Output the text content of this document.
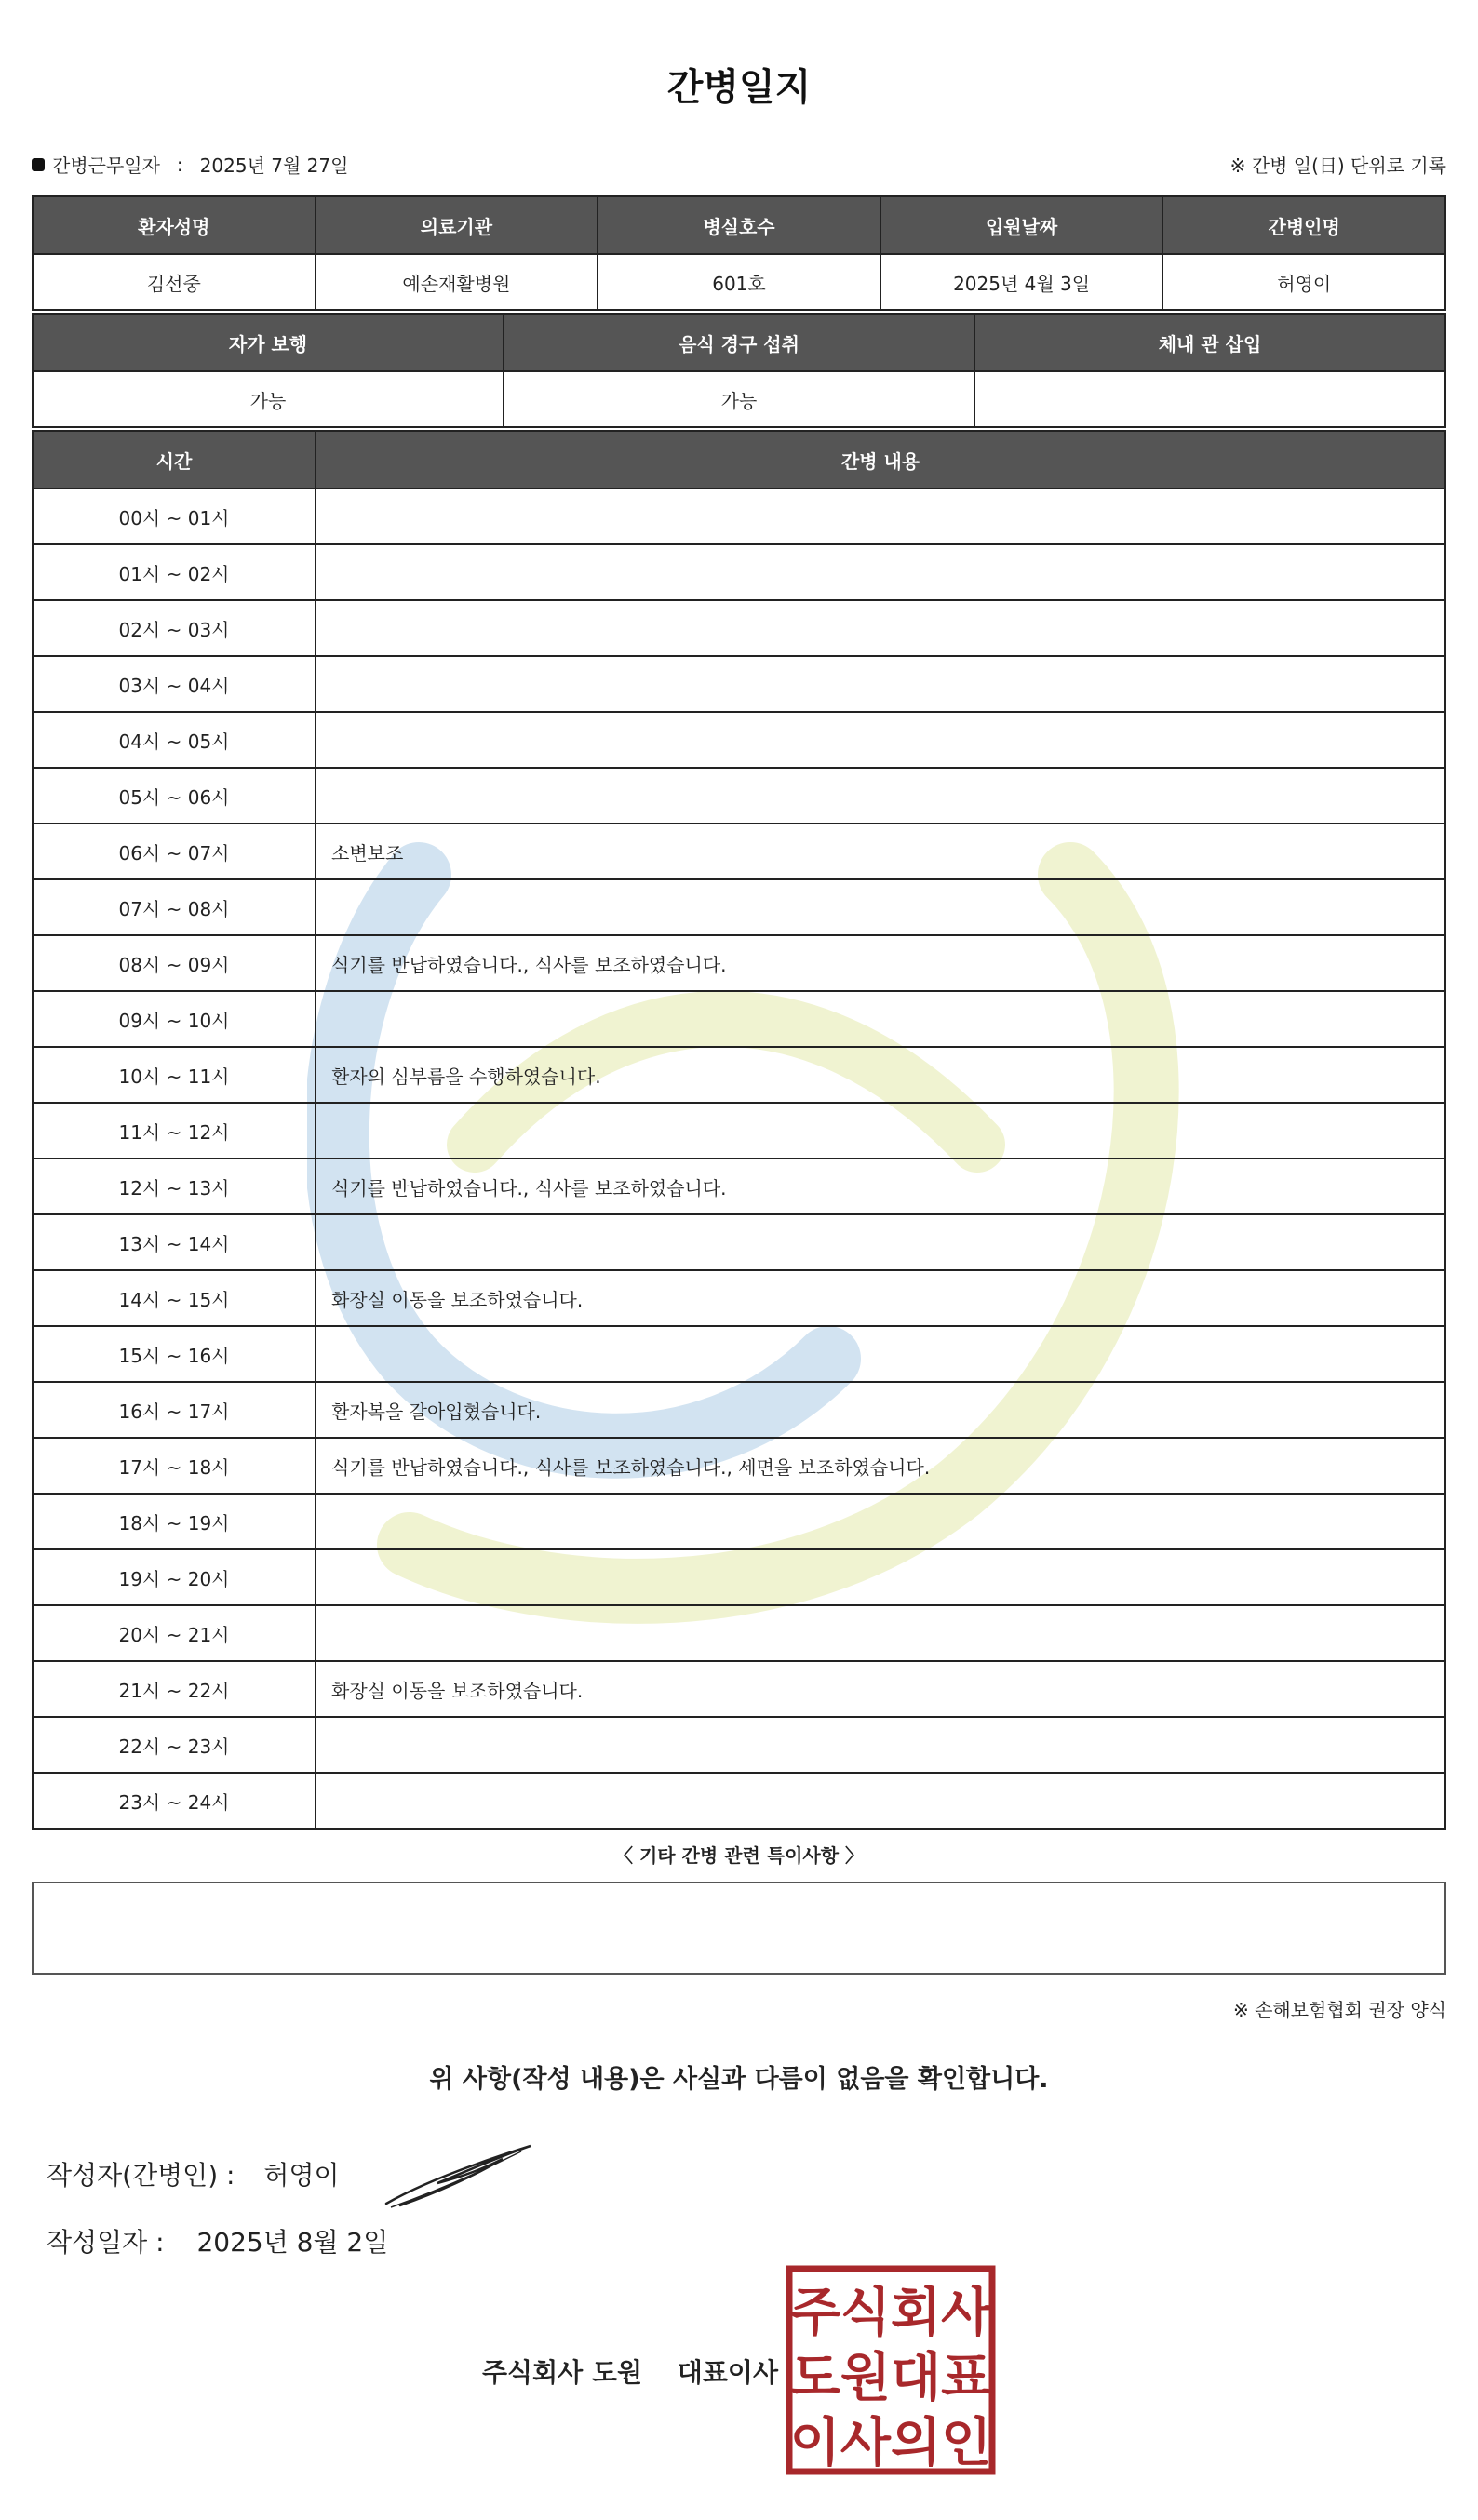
간병일지
간병근무일자 : 2025년 7월 27일	※ 간병 일(日) 단위로 기록
환자성명	의료기관	병실호수	입원날짜	간병인명
김선중	예손재활병원	601호	2025년 4월 3일	허영이
자가 보행	음식 경구 섭취	체내 관 삽입
가능	가능	
시간	간병 내용
00시 ~ 01시	
01시 ~ 02시	
02시 ~ 03시	
03시 ~ 04시	
04시 ~ 05시	
05시 ~ 06시	
06시 ~ 07시	소변보조
07시 ~ 08시	
08시 ~ 09시	식기를 반납하였습니다., 식사를 보조하였습니다.
09시 ~ 10시	
10시 ~ 11시	환자의 심부름을 수행하였습니다.
11시 ~ 12시	
12시 ~ 13시	식기를 반납하였습니다., 식사를 보조하였습니다.
13시 ~ 14시	
14시 ~ 15시	화장실 이동을 보조하였습니다.
15시 ~ 16시	
16시 ~ 17시	환자복을 갈아입혔습니다.
17시 ~ 18시	식기를 반납하였습니다., 식사를 보조하였습니다., 세면을 보조하였습니다.
18시 ~ 19시	
19시 ~ 20시	
20시 ~ 21시	
21시 ~ 22시	화장실 이동을 보조하였습니다.
22시 ~ 23시	
23시 ~ 24시	
〈 기타 간병 관련 특이사항 〉
※ 손해보험협회 권장 양식
위 사항(작성 내용)은 사실과 다름이 없음을 확인합니다.
작성자(간병인) : 허영이
작성일자 : 2025년 8월 2일
주식회사 도원 대표이사
주식회사
도원대표
이사의인
